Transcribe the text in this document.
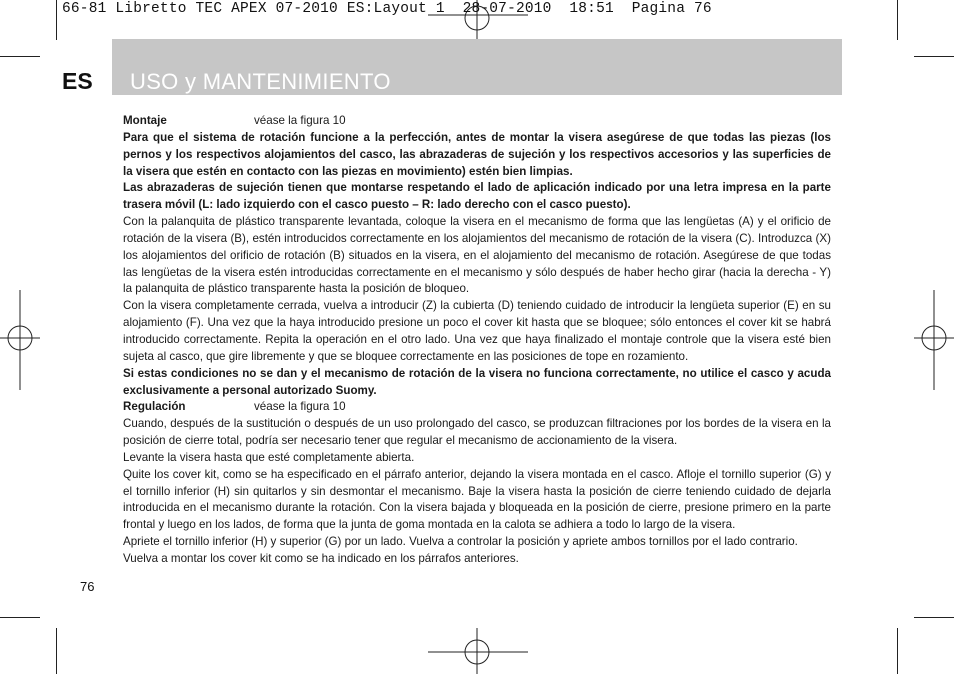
66-81 Libretto TEC APEX 07-2010 ES:Layout 1  28-07-2010  18:51  Pagina 76
ES USO y MANTENIMIENTO
Montaje	véase la figura 10

Para que el sistema de rotación funcione a la perfección, antes de montar la visera asegúrese de que todas las piezas (los pernos y los respectivos alojamientos del casco, las abrazaderas de sujeción y los respectivos accesorios y las superficies de la visera que estén en contacto con las piezas en movimiento) estén bien limpias.

Las abrazaderas de sujeción tienen que montarse respetando el lado de aplicación indicado por una letra impresa en la parte trasera móvil (L: lado izquierdo con el casco puesto – R: lado derecho con el casco puesto).

Con la palanquita de plástico transparente levantada, coloque la visera en el mecanismo de forma que las lengüetas (A) y el orificio de rotación de la visera (B), estén introducidos correctamente en los alojamientos del mecanismo de rotación de la visera (C). Introduzca (X) los alojamientos del orificio de rotación (B) situados en la visera, en el alojamiento del mecanismo de rotación. Asegúrese de que todas las lengüetas de la visera estén introducidas correctamente en el mecanismo y sólo después de haber hecho girar (hacia la derecha - Y) la palanquita de plástico transparente hasta la posición de bloqueo.

Con la visera completamente cerrada, vuelva a introducir (Z) la cubierta (D) teniendo cuidado de introducir la lengüeta superior (E) en su alojamiento (F). Una vez que la haya introducido presione un poco el cover kit hasta que se bloquee; sólo entonces el cover kit se habrá introducido correctamente. Repita la operación en el otro lado. Una vez que haya finalizado el montaje controle que la visera esté bien sujeta al casco, que gire libremente y que se bloquee correctamente en las posiciones de tope en rozamiento.

Si estas condiciones no se dan y el mecanismo de rotación de la visera no funciona correctamente, no utilice el casco y acuda exclusivamente a personal autorizado Suomy.

Regulación	véase la figura 10

Cuando, después de la sustitución o después de un uso prolongado del casco, se produzcan filtraciones por los bordes de la visera en la posición de cierre total, podría ser necesario tener que regular el mecanismo de accionamiento de la visera.

Levante la visera hasta que esté completamente abierta.

Quite los cover kit, como se ha especificado en el párrafo anterior, dejando la visera montada en el casco. Afloje el tornillo superior (G) y el tornillo inferior (H) sin quitarlos y sin desmontar el mecanismo. Baje la visera hasta la posición de cierre teniendo cuidado de dejarla introducida en el mecanismo durante la rotación. Con la visera bajada y bloqueada en la posición de cierre, presione primero en la parte frontal y luego en los lados, de forma que la junta de goma montada en la calota se adhiera a todo lo largo de la visera.

Apriete el tornillo inferior (H) y superior (G) por un lado. Vuelva a controlar la posición y apriete ambos tornillos por el lado contrario.

Vuelva a montar los cover kit como se ha indicado en los párrafos anteriores.

76
